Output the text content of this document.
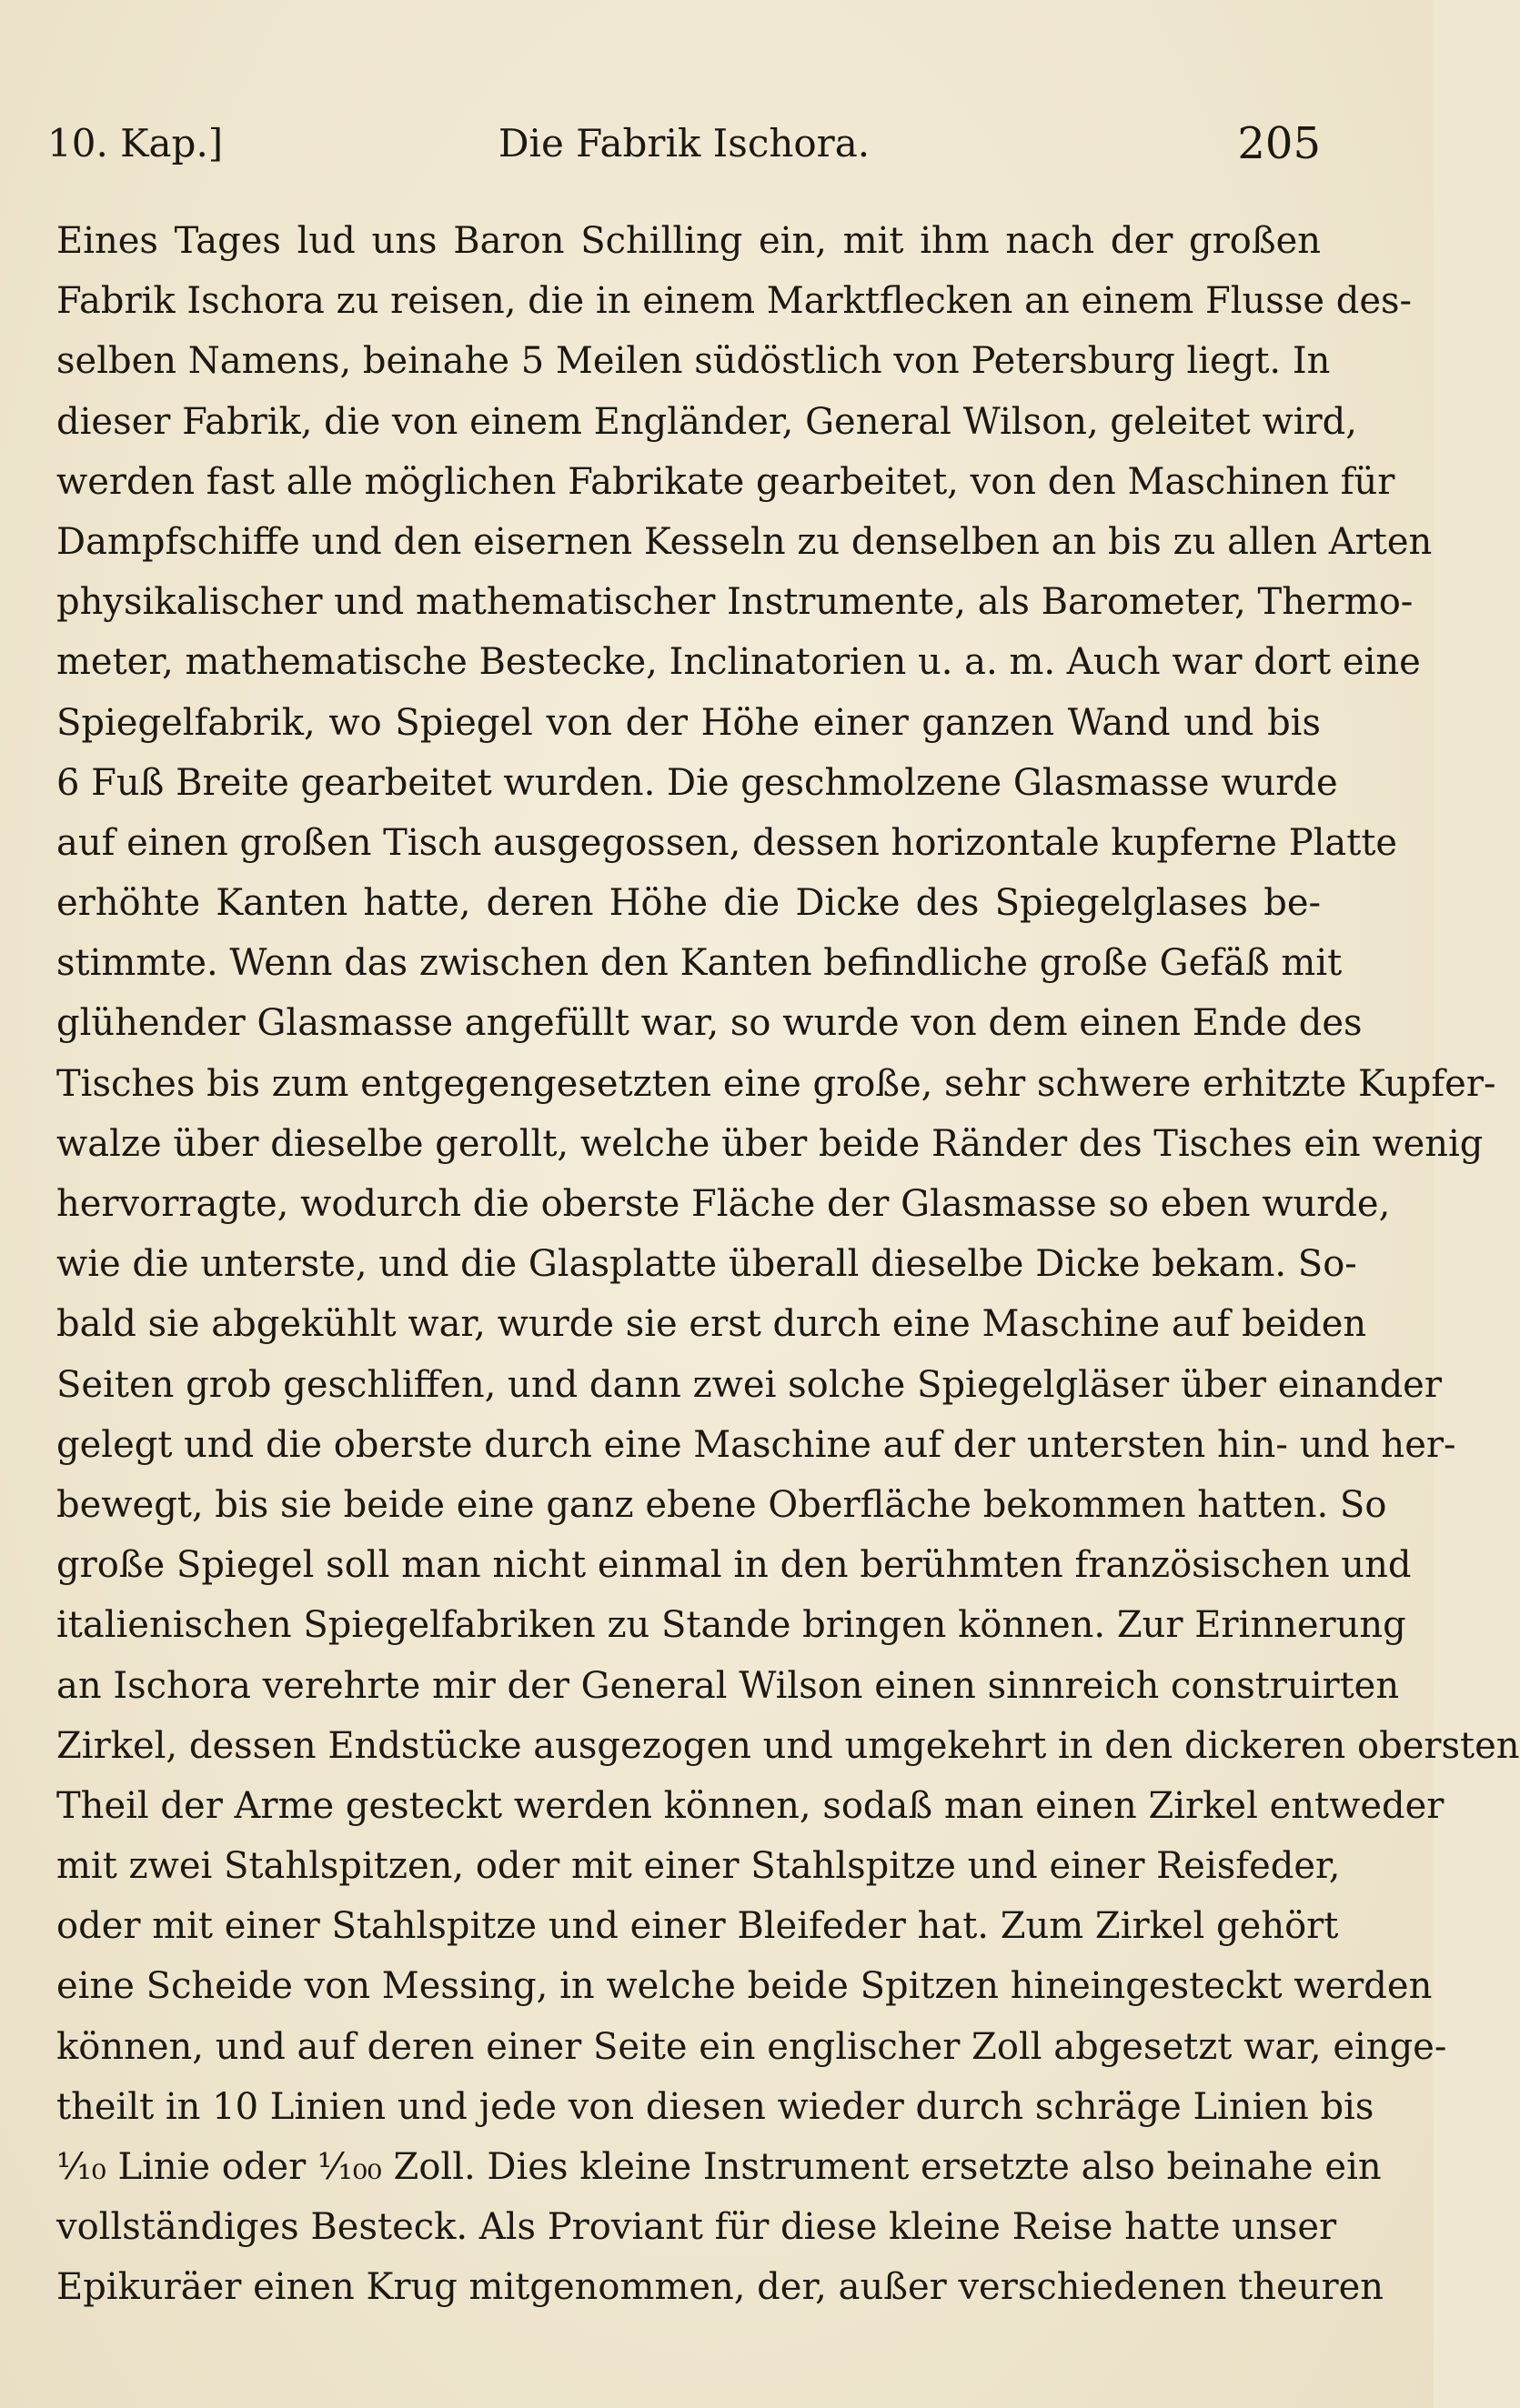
10. Kap.]	Die Fabrik Ischora.	205
Eines Tages lud uns Baron Schilling ein, mit ihm nach der großen
Fabrik Ischora zu reisen, die in einem Marktflecken an einem Flusse des-
selben Namens, beinahe 5 Meilen südöstlich von Petersburg liegt. In
dieser Fabrik, die von einem Engländer, General Wilson, geleitet wird,
werden fast alle möglichen Fabrikate gearbeitet, von den Maschinen für
Dampfschiffe und den eisernen Kesseln zu denselben an bis zu allen Arten
physikalischer und mathematischer Instrumente, als Barometer, Thermo-
meter, mathematische Bestecke, Inclinatorien u. a. m. Auch war dort eine
Spiegelfabrik, wo Spiegel von der Höhe einer ganzen Wand und bis
6 Fuß Breite gearbeitet wurden. Die geschmolzene Glasmasse wurde
auf einen großen Tisch ausgegossen, dessen horizontale kupferne Platte
erhöhte Kanten hatte, deren Höhe die Dicke des Spiegelglases be-
stimmte. Wenn das zwischen den Kanten befindliche große Gefäß mit
glühender Glasmasse angefüllt war, so wurde von dem einen Ende des
Tisches bis zum entgegengesetzten eine große, sehr schwere erhitzte Kupfer-
walze über dieselbe gerollt, welche über beide Ränder des Tisches ein wenig
hervorragte, wodurch die oberste Fläche der Glasmasse so eben wurde,
wie die unterste, und die Glasplatte überall dieselbe Dicke bekam. So-
bald sie abgekühlt war, wurde sie erst durch eine Maschine auf beiden
Seiten grob geschliffen, und dann zwei solche Spiegelgläser über einander
gelegt und die oberste durch eine Maschine auf der untersten hin- und her-
bewegt, bis sie beide eine ganz ebene Oberfläche bekommen hatten. So
große Spiegel soll man nicht einmal in den berühmten französischen und
italienischen Spiegelfabriken zu Stande bringen können. Zur Erinnerung
an Ischora verehrte mir der General Wilson einen sinnreich construirten
Zirkel, dessen Endstücke ausgezogen und umgekehrt in den dickeren obersten
Theil der Arme gesteckt werden können, sodaß man einen Zirkel entweder
mit zwei Stahlspitzen, oder mit einer Stahlspitze und einer Reisfeder,
oder mit einer Stahlspitze und einer Bleifeder hat. Zum Zirkel gehört
eine Scheide von Messing, in welche beide Spitzen hineingesteckt werden
können, und auf deren einer Seite ein englischer Zoll abgesetzt war, einge-
theilt in 10 Linien und jede von diesen wieder durch schräge Linien bis
¹⁄₁₀ Linie oder ¹⁄₁₀₀ Zoll. Dies kleine Instrument ersetzte also beinahe ein
vollständiges Besteck. Als Proviant für diese kleine Reise hatte unser
Epikuräer einen Krug mitgenommen, der, außer verschiedenen theuren
